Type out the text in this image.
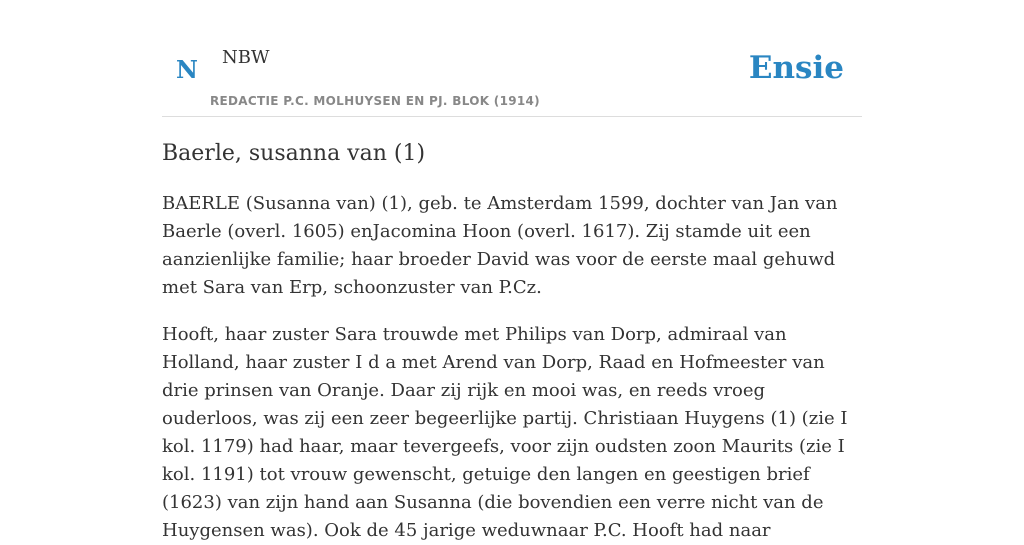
N NBW
REDACTIE P.C. MOLHUYSEN EN PJ. BLOK (1914)
Ensie
Baerle, susanna van (1)

BAERLE (Susanna van) (1), geb. te Amsterdam 1599, dochter van Jan van Baerle (overl. 1605) enJacomina Hoon (overl. 1617). Zij stamde uit een aanzienlijke familie; haar broeder David was voor de eerste maal gehuwd met Sara van Erp, schoonzuster van P.Cz.

Hooft, haar zuster Sara trouwde met Philips van Dorp, admiraal van Holland, haar zuster I d a met Arend van Dorp, Raad en Hofmeester van drie prinsen van Oranje. Daar zij rijk en mooi was, en reeds vroeg ouderloos, was zij een zeer begeerlijke partij. Christiaan Huygens (1) (zie I kol. 1179) had haar, maar tevergeefs, voor zijn oudsten zoon Maurits (zie I kol. 1191) tot vrouw gewenscht, getuige den langen en geestigen brief (1623) van zijn hand aan Susanna (die bovendien een verre nicht van de Huygensen was). Ook de 45 jarige weduwnaar P.C. Hooft had naar
